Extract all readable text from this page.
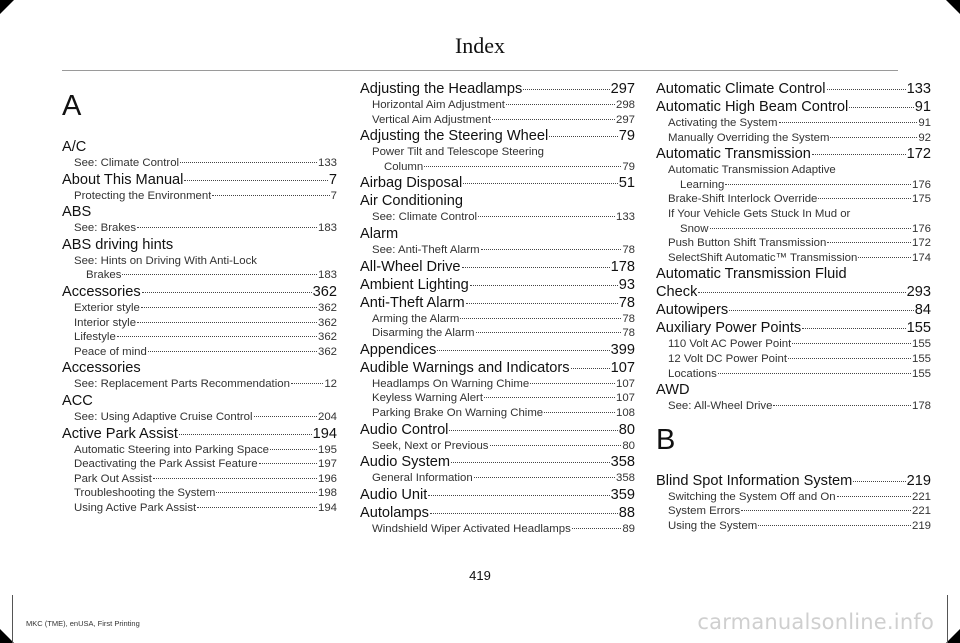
Index
A
A/C
See: Climate Control	133
About This Manual	7
Protecting the Environment	7
ABS
See: Brakes	183
ABS driving hints
See: Hints on Driving With Anti-Lock
Brakes	183
Accessories	362
Exterior style	362
Interior style	362
Lifestyle	362
Peace of mind	362
Accessories
See: Replacement Parts Recommendation	12
ACC
See: Using Adaptive Cruise Control	204
Active Park Assist	194
Automatic Steering into Parking Space	195
Deactivating the Park Assist Feature	197
Park Out Assist	196
Troubleshooting the System	198
Using Active Park Assist	194
Adjusting the Headlamps	297
Horizontal Aim Adjustment	298
Vertical Aim Adjustment	297
Adjusting the Steering Wheel	79
Power Tilt and Telescope Steering
Column	79
Airbag Disposal	51
Air Conditioning
See: Climate Control	133
Alarm
See: Anti-Theft Alarm	78
All-Wheel Drive	178
Ambient Lighting	93
Anti-Theft Alarm	78
Arming the Alarm	78
Disarming the Alarm	78
Appendices	399
Audible Warnings and Indicators	107
Headlamps On Warning Chime	107
Keyless Warning Alert	107
Parking Brake On Warning Chime	108
Audio Control	80
Seek, Next or Previous	80
Audio System	358
General Information	358
Audio Unit	359
Autolamps	88
Windshield Wiper Activated Headlamps	89
Automatic Climate Control	133
Automatic High Beam Control	91
Activating the System	91
Manually Overriding the System	92
Automatic Transmission	172
Automatic Transmission Adaptive
Learning	176
Brake-Shift Interlock Override	175
If Your Vehicle Gets Stuck In Mud or
Snow	176
Push Button Shift Transmission	172
SelectShift Automatic™ Transmission	174
Automatic Transmission Fluid
Check	293
Autowipers	84
Auxiliary Power Points	155
110 Volt AC Power Point	155
12 Volt DC Power Point	155
Locations	155
AWD
See: All-Wheel Drive	178
B
Blind Spot Information System	219
Switching the System Off and On	221
System Errors	221
Using the System	219
419
MKC (TME), enUSA, First Printing	carmanualsonline.info
